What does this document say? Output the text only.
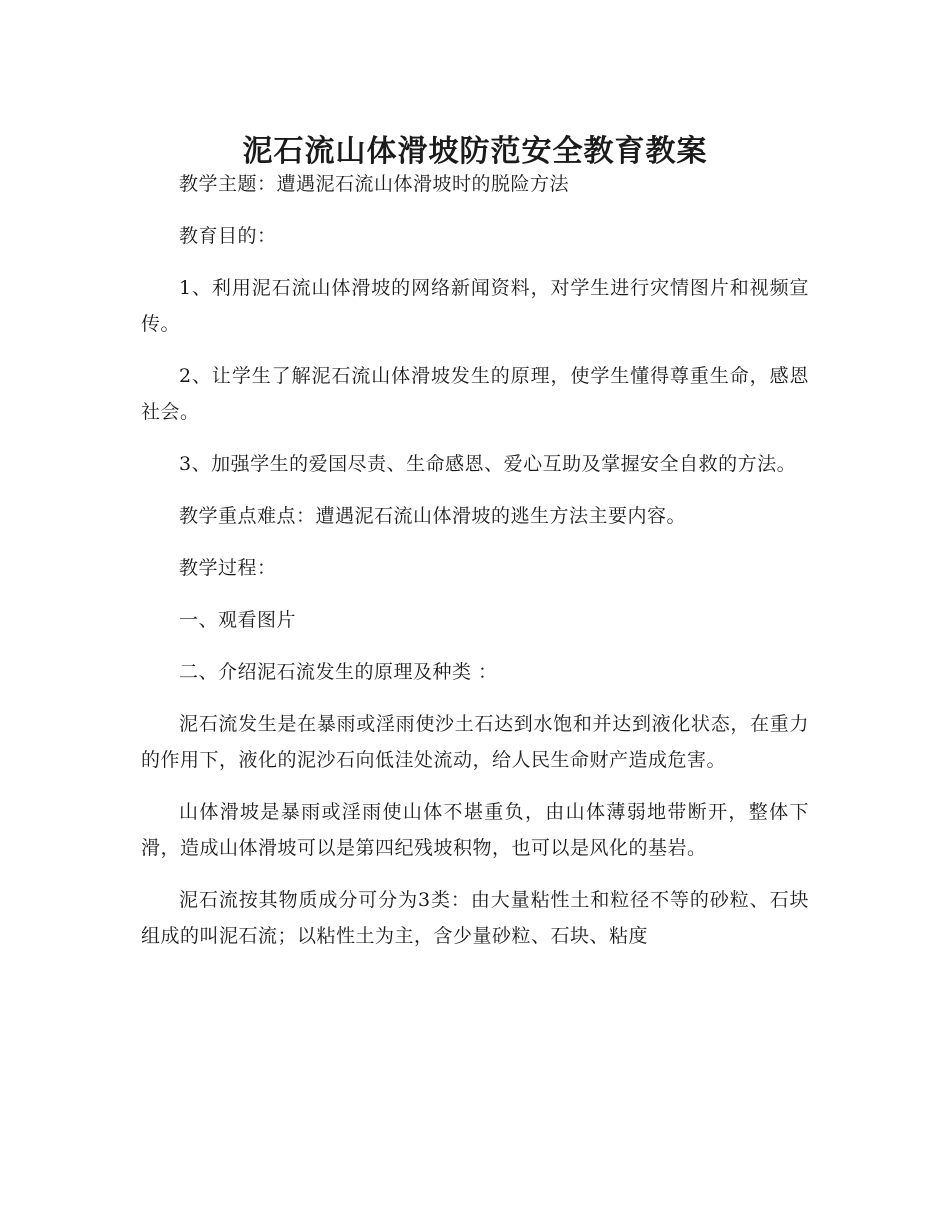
泥石流山体滑坡防范安全教育教案

教学主题：遭遇泥石流山体滑坡时的脱险方法

教育目的：

1、利用泥石流山体滑坡的网络新闻资料，对学生进行灾情图片和视频宣传。

2、让学生了解泥石流山体滑坡发生的原理，使学生懂得尊重生命，感恩社会。

3、加强学生的爱国尽责、生命感恩、爱心互助及掌握安全自救的方法。

教学重点难点：遭遇泥石流山体滑坡的逃生方法主要内容。

教学过程：

一、观看图片

二、介绍泥石流发生的原理及种类 ：

泥石流发生是在暴雨或淫雨使沙土石达到水饱和并达到液化状态，在重力的作用下，液化的泥沙石向低洼处流动，给人民生命财产造成危害。

山体滑坡是暴雨或淫雨使山体不堪重负，由山体薄弱地带断开，整体下滑，造成山体滑坡可以是第四纪残坡积物，也可以是风化的基岩。

泥石流按其物质成分可分为3类：由大量粘性土和粒径不等的砂粒、石块组成的叫泥石流；以粘性土为主，含少量砂粒、石块、粘度
